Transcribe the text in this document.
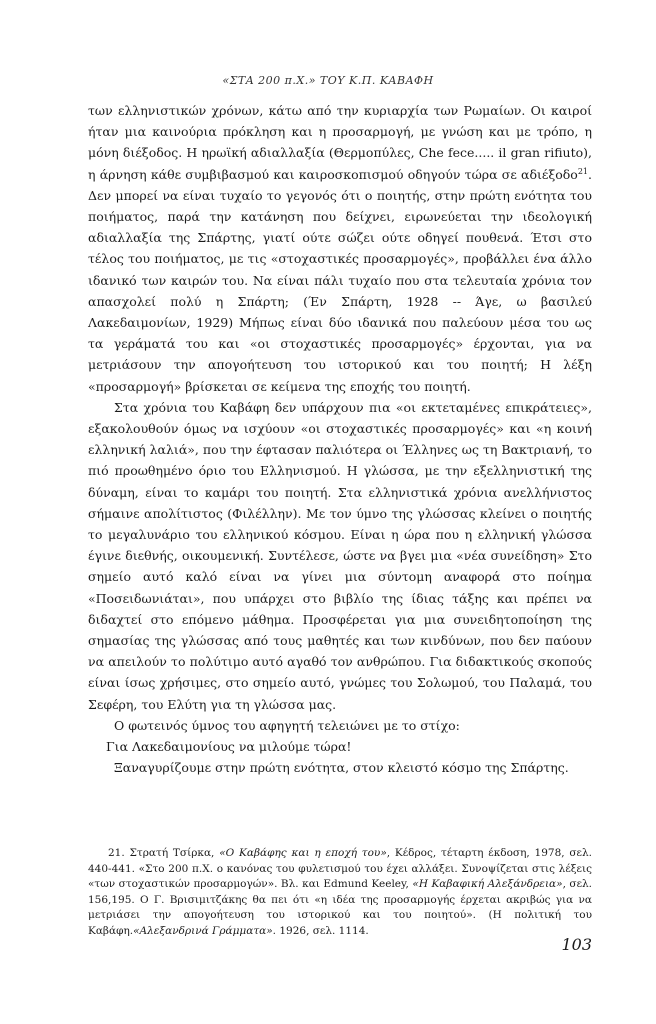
«ΣΤΑ 200 π.Χ.» ΤΟΥ Κ.Π. ΚΑΒΑΦΗ

των ελληνιστικών χρόνων, κάτω από την κυριαρχία των Ρωμαίων. Οι καιροί ήταν μια καινούρια πρόκληση και η προσαρμογή, με γνώση και με τρόπο, η μόνη διέξοδος. Η ηρωϊκή αδιαλλαξία (Θερμοπύλες, Che fece..... il gran rifiuto), η άρνηση κάθε συμβιβασμού και καιροσκοπισμού οδηγούν τώρα σε αδιέξοδο$^{21}$. Δεν μπορεί να είναι τυχαίο το γεγονός ότι ο ποιητής, στην πρώτη ενότητα του ποιήματος, παρά την κατάνηση που δείχνει, ειρωνεύεται την ιδεολογική αδιαλλαξία της Σπάρτης, γιατί ούτε σώζει ούτε οδηγεί πουθενά. Έτσι στο τέλος του ποιήματος, με τις «στοχαστικές προσαρμογές», προβάλλει ένα άλλο ιδανικό των καιρών του. Να είναι πάλι τυχαίο που στα τελευταία χρόνια τον απασχολεί πολύ η Σπάρτη; (Έν Σπάρτη, 1928 -- Άγε, ω βασιλεύ Λακεδαιμονίων, 1929) Μήπως είναι δύο ιδανικά που παλεύουν μέσα του ως τα γεράματά του και «οι στοχαστικές προσαρμογές» έρχονται, για να μετριάσουν την απογοήτευση του ιστορικού και του ποιητή; Η λέξη «προσαρμογή» βρίσκεται σε κείμενα της εποχής του ποιητή.

Στα χρόνια του Καβάφη δεν υπάρχουν πια «οι εκτεταμένες επικράτειες», εξακολουθούν όμως να ισχύουν «οι στοχαστικές προσαρμογές» και «η κοινή ελληνική λαλιά», που την έφτασαν παλιότερα οι Έλληνες ως τη Βακτριανή, το πιό προωθημένο όριο του Ελληνισμού. Η γλώσσα, με την εξελληνιστική της δύναμη, είναι το καμάρι του ποιητή. Στα ελληνιστικά χρόνια ανελλήνιστος σήμαινε απολίτιστος (Φιλέλλην). Με τον ύμνο της γλώσσας κλείνει ο ποιητής το μεγαλυνάριο του ελληνικού κόσμου. Είναι η ώρα που η ελληνική γλώσσα έγινε διεθνής, οικουμενική. Συντέλεσε, ώστε να βγει μια «νέα συνείδηση» Στο σημείο αυτό καλό είναι να γίνει μια σύντομη αναφορά στο ποίημα «Ποσειδωνιάται», που υπάρχει στο βιβλίο της ίδιας τάξης και πρέπει να διδαχτεί στο επόμενο μάθημα. Προσφέρεται για μια συνειδητοποίηση της σημασίας της γλώσσας από τους μαθητές και των κινδύνων, που δεν παύουν να απειλούν το πολύτιμο αυτό αγαθό τον ανθρώπου. Για διδακτικούς σκοπούς είναι ίσως χρήσιμες, στο σημείο αυτό, γνώμες του Σολωμού, του Παλαμά, του Σεφέρη, του Ελύτη για τη γλώσσα μας.

Ο φωτεινός ύμνος του αφηγητή τελειώνει με το στίχο:

Για Λακεδαιμονίους να μιλούμε τώρα!

Ξαναγυρίζουμε στην πρώτη ενότητα, στον κλειστό κόσμο της Σπάρτης.

21. Στρατή Τσίρκα, «Ο Καβάφης και η εποχή του», Κέδρος, τέταρτη έκδοση, 1978, σελ. 440-441. «Στο 200 π.Χ. ο κανόνας του φυλετισμού του έχει αλλάξει. Συνοψίζεται στις λέξεις «των στοχαστικών προσαρμογών». Βλ. και Edmund Keeley, «Η Καβαφική Αλεξάνδρεια», σελ. 156,195. Ο Γ. Βρισιμιτζάκης θα πει ότι «η ιδέα της προσαρμογής έρχεται ακριβώς για να μετριάσει την απογοήτευση του ιστορικού και του ποιητού». (Η πολιτική του Καβάφη.«Αλεξανδρινά Γράμματα». 1926, σελ. 1114.

103
